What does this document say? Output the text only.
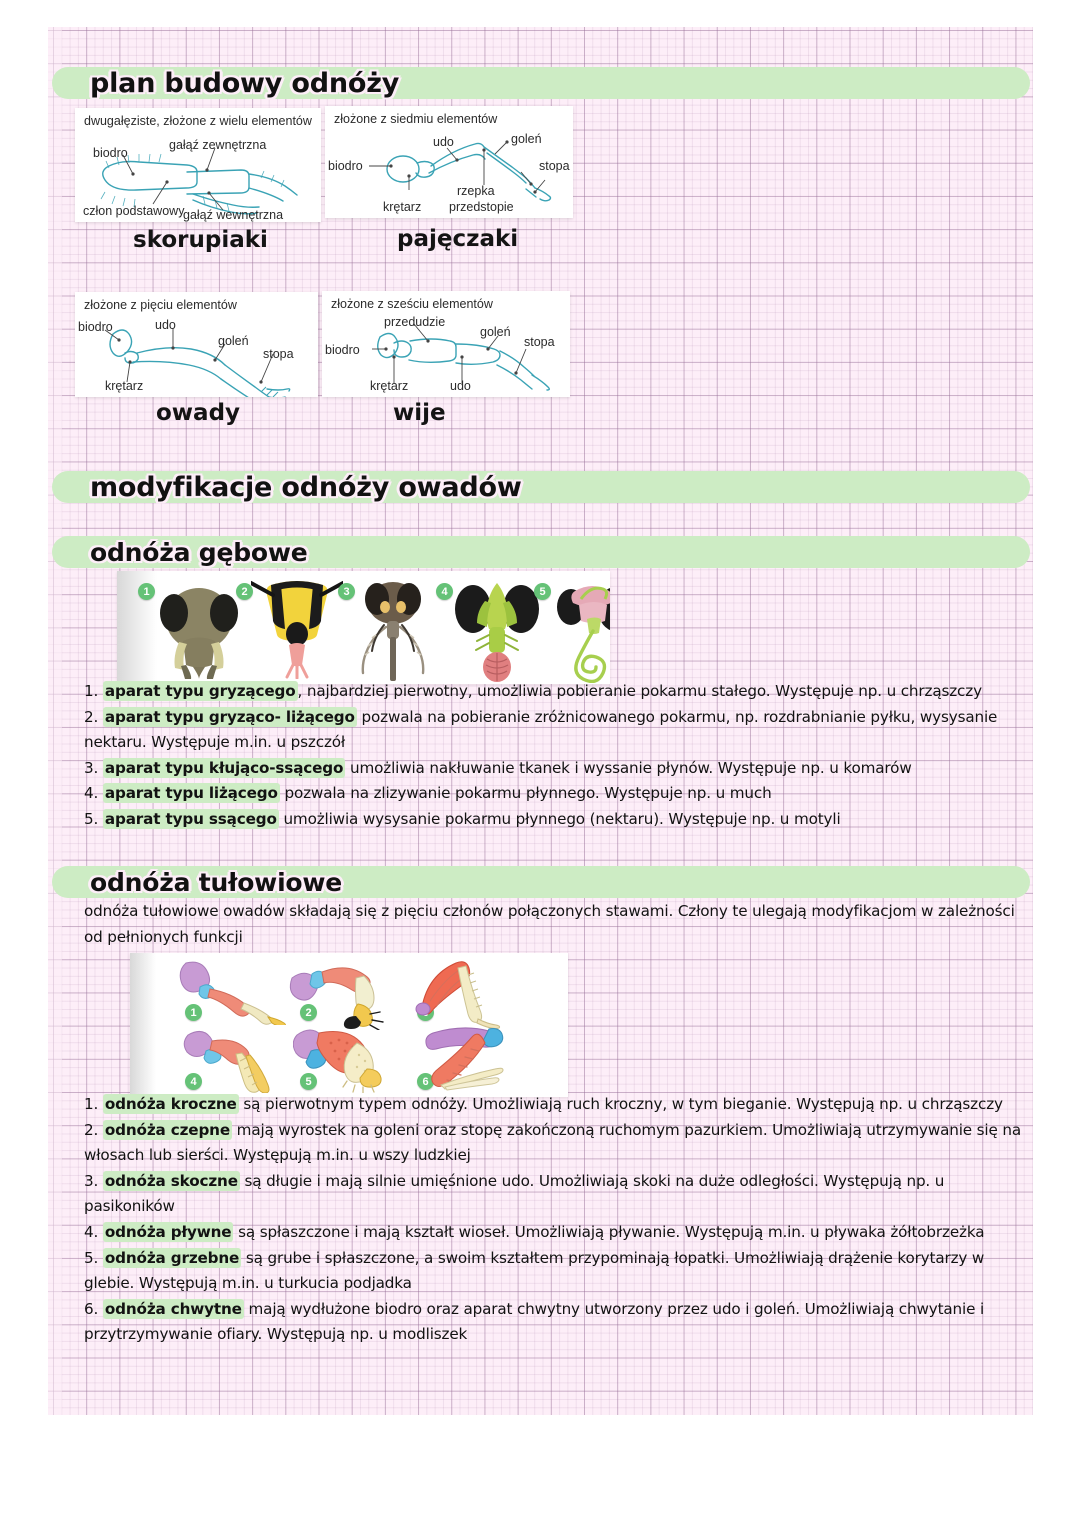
plan budowy odnóży
dwugałęziste, złożone z wielu elementów
biodro
gałąź zewnętrzna
człon podstawowy
gałąź wewnętrzna
skorupiaki
złożone z siedmiu elementów
udo	goleń
biodro
rzepka
stopa
krętarz przedstopie
pajęczaki
złożone z pięciu elementów
biodro	udo
goleń
stopa
krętarz
owady
złożone z sześciu elementów
przedudzie
goleń
biodro
stopa
krętarz	udo
wije
modyfikacje odnóży owadów
odnóża gębowe
1	2	3	4	5
1. aparat typu gryzącego , najbardziej pierwotny, umożliwia pobieranie pokarmu stałego. Występuje np. u chrząszczy
2. aparat typu gryząco- liżącego pozwala na pobieranie zróżnicowanego pokarmu, np. rozdrabnianie pyłku, wysysanie nektaru. Występuje m.in. u pszczół
3. aparat typu kłująco-ssącego umożliwia nakłuwanie tkanek i wyssanie płynów. Występuje np. u komarów
4. aparat typu liżącego pozwala na zlizywanie pokarmu płynnego. Występuje np. u much
5. aparat typu ssącego umożliwia wysysanie pokarmu płynnego (nektaru). Występuje np. u motyli
odnóża tułowiowe
odnóża tułowiowe owadów składają się z pięciu członów połączonych stawami. Człony te ulegają modyfikacjom w zależności od pełnionych funkcji
1	2
4	5	6
1. odnóża kroczne są pierwotnym typem odnóży. Umożliwiają ruch kroczny, w tym bieganie. Występują np. u chrząszczy
2. odnóża czepne mają wyrostek na goleni oraz stopę zakończoną ruchomym pazurkiem. Umożliwiają utrzymywanie się na włosach lub sierści. Występują m.in. u wszy ludzkiej
3. odnóża skoczne są długie i mają silnie umięśnione udo. Umożliwiają skoki na duże odległości. Występują np. u pasikoników
4. odnóża pływne są spłaszczone i mają kształt wioseł. Umożliwiają pływanie. Występują m.in. u pływaka żółtobrzeżka
5. odnóża grzebne są grube i spłaszczone, a swoim kształtem przypominają łopatki. Umożliwiają drążenie korytarzy w glebie. Występują m.in. u turkucia podjadka
6. odnóża chwytne mają wydłużone biodro oraz aparat chwytny utworzony przez udo i goleń. Umożliwiają chwytanie i przytrzymywanie ofiary. Występują np. u modliszek
